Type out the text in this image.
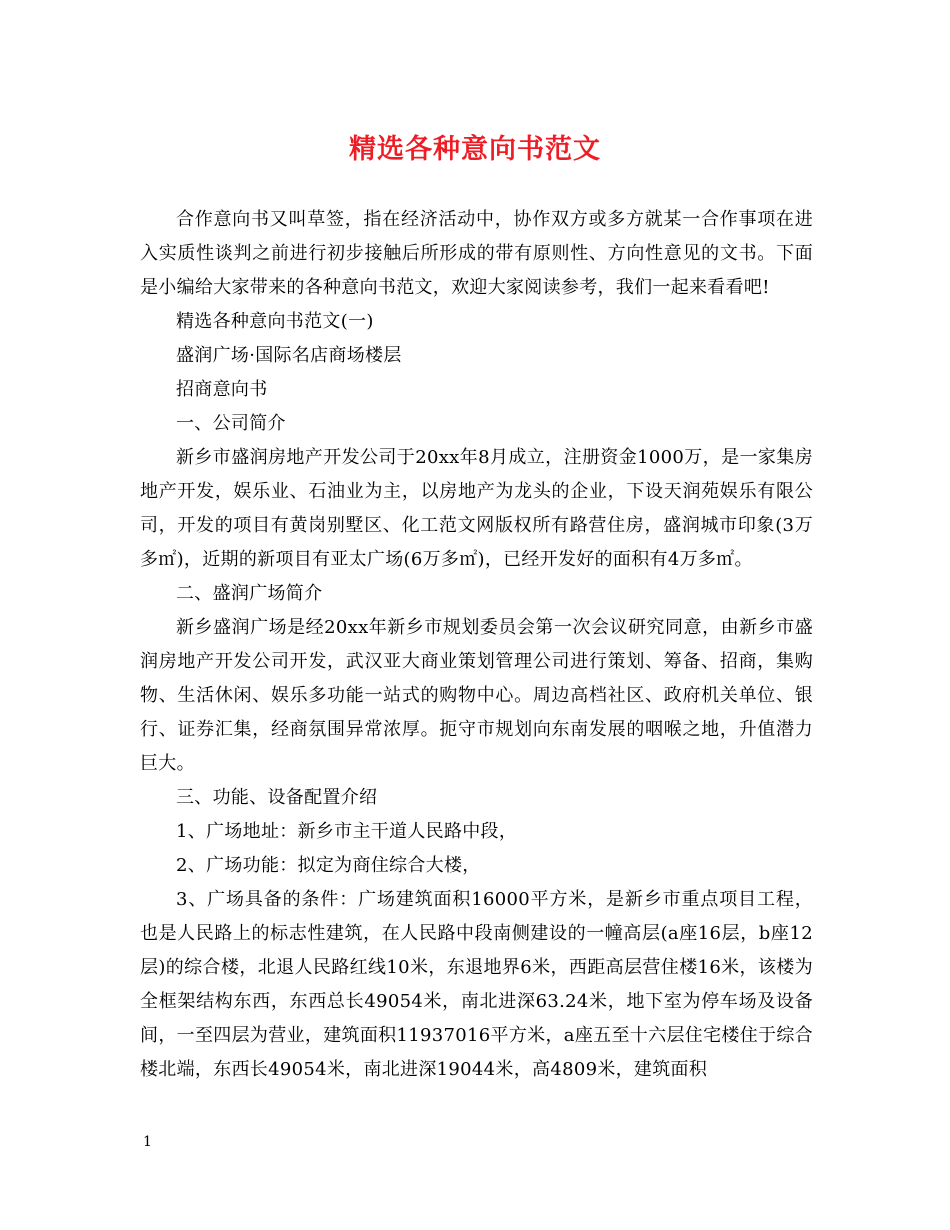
精选各种意向书范文

合作意向书又叫草签，指在经济活动中，协作双方或多方就某一合作事项在进入实质性谈判之前进行初步接触后所形成的带有原则性、方向性意见的文书。下面是小编给大家带来的各种意向书范文，欢迎大家阅读参考，我们一起来看看吧!

精选各种意向书范文(一)

盛润广场·国际名店商场楼层

招商意向书

一、公司简介

新乡市盛润房地产开发公司于20xx年8月成立，注册资金1000万，是一家集房地产开发，娱乐业、石油业为主，以房地产为龙头的企业，下设天润苑娱乐有限公司，开发的项目有黄岗别墅区、化工范文网版权所有路营住房，盛润城市印象(3万多㎡)，近期的新项目有亚太广场(6万多㎡)，已经开发好的面积有4万多㎡。

二、盛润广场简介

新乡盛润广场是经20xx年新乡市规划委员会第一次会议研究同意，由新乡市盛润房地产开发公司开发，武汉亚大商业策划管理公司进行策划、筹备、招商，集购物、生活休闲、娱乐多功能一站式的购物中心。周边高档社区、政府机关单位、银行、证券汇集，经商氛围异常浓厚。扼守市规划向东南发展的咽喉之地，升值潜力巨大。

三、功能、设备配置介绍

1、广场地址：新乡市主干道人民路中段，

2、广场功能：拟定为商住综合大楼，

3、广场具备的条件：广场建筑面积16000平方米，是新乡市重点项目工程，也是人民路上的标志性建筑，在人民路中段南侧建设的一幢高层(a座16层，b座12层)的综合楼，北退人民路红线10米，东退地界6米，西距高层营住楼16米，该楼为全框架结构东西，东西总长49054米，南北进深63.24米，地下室为停车场及设备间，一至四层为营业，建筑面积11937016平方米，a座五至十六层住宅楼住于综合楼北端，东西长49054米，南北进深19044米，高4809米，建筑面积

1
